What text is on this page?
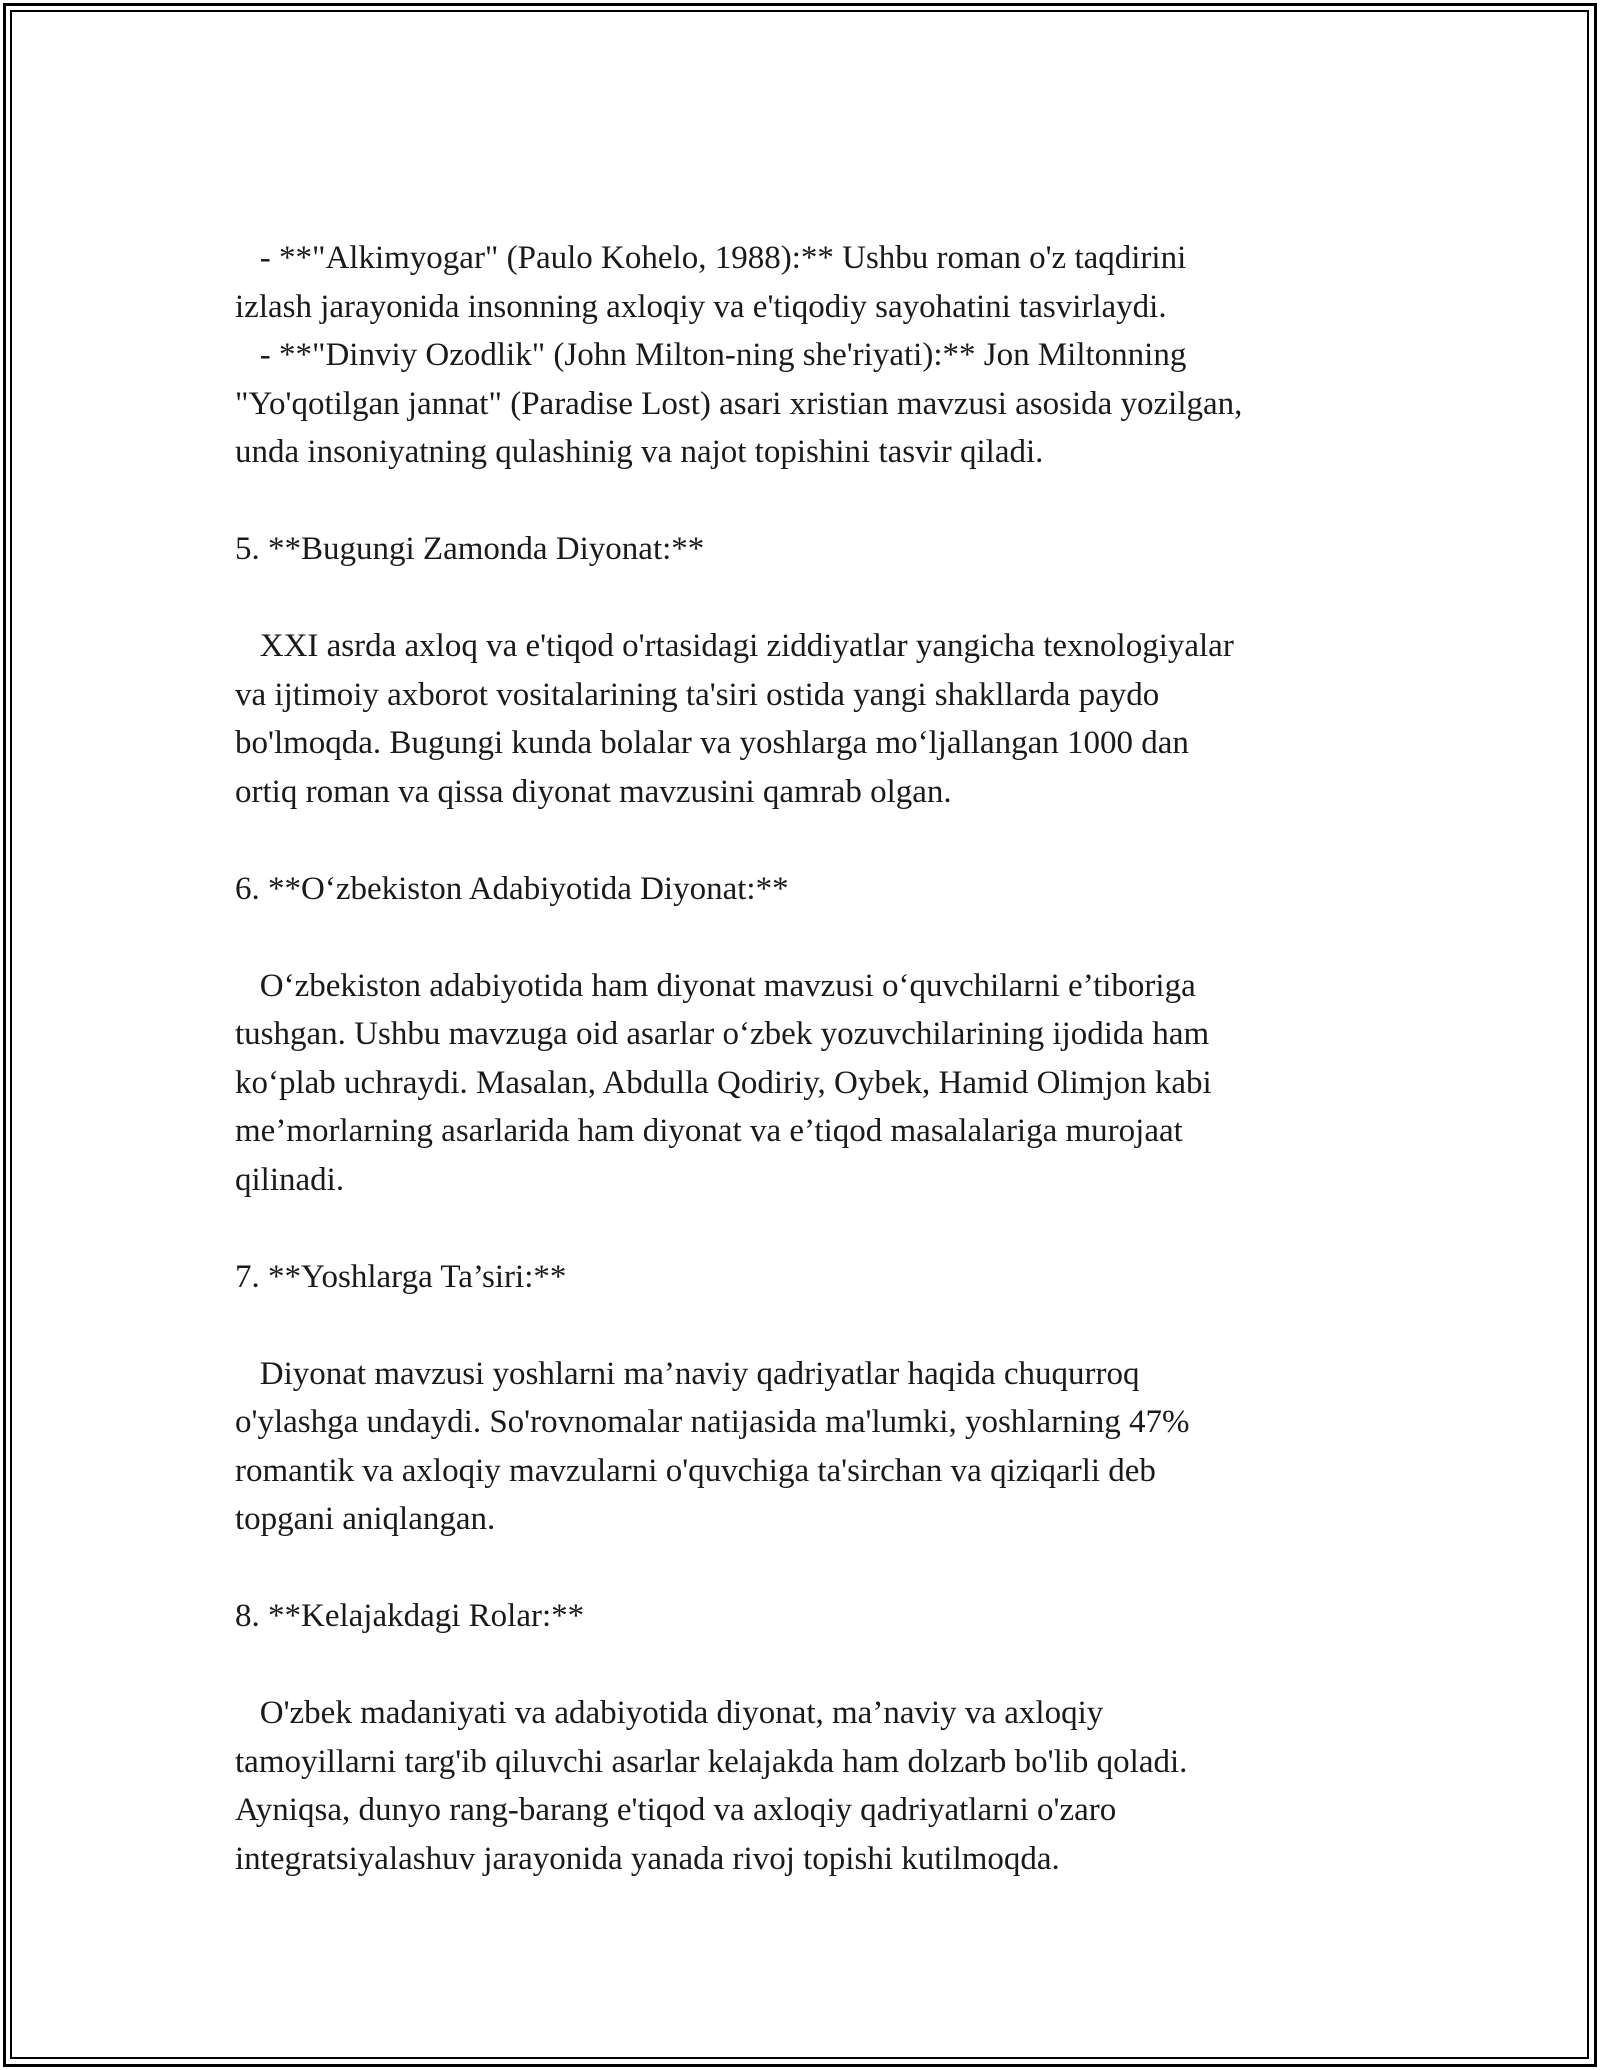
- **"Alkimyogar" (Paulo Kohelo, 1988):** Ushbu roman o'z taqdirini
izlash jarayonida insonning axloqiy va e'tiqodiy sayohatini tasvirlaydi.
- **"Dinviy Ozodlik" (John Milton-ning she'riyati):** Jon Miltonning
"Yo'qotilgan jannat" (Paradise Lost) asari xristian mavzusi asosida yozilgan,
unda insoniyatning qulashinig va najot topishini tasvir qiladi.
5. **Bugungi Zamonda Diyonat:**
XXI asrda axloq va e'tiqod o'rtasidagi ziddiyatlar yangicha texnologiyalar
va ijtimoiy axborot vositalarining ta'siri ostida yangi shakllarda paydo
bo'lmoqda. Bugungi kunda bolalar va yoshlarga mo‘ljallangan 1000 dan
ortiq roman va qissa diyonat mavzusini qamrab olgan.
6. **O‘zbekiston Adabiyotida Diyonat:**
O‘zbekiston adabiyotida ham diyonat mavzusi o‘quvchilarni e’tiboriga
tushgan. Ushbu mavzuga oid asarlar o‘zbek yozuvchilarining ijodida ham
ko‘plab uchraydi. Masalan, Abdulla Qodiriy, Oybek, Hamid Olimjon kabi
me’morlarning asarlarida ham diyonat va e’tiqod masalalariga murojaat
qilinadi.
7. **Yoshlarga Ta’siri:**
Diyonat mavzusi yoshlarni ma’naviy qadriyatlar haqida chuqurroq
o'ylashga undaydi. So'rovnomalar natijasida ma'lumki, yoshlarning 47%
romantik va axloqiy mavzularni o'quvchiga ta'sirchan va qiziqarli deb
topgani aniqlangan.
8. **Kelajakdagi Rolar:**
O'zbek madaniyati va adabiyotida diyonat, ma’naviy va axloqiy
tamoyillarni targ'ib qiluvchi asarlar kelajakda ham dolzarb bo'lib qoladi.
Ayniqsa, dunyo rang-barang e'tiqod va axloqiy qadriyatlarni o'zaro
integratsiyalashuv jarayonida yanada rivoj topishi kutilmoqda.
